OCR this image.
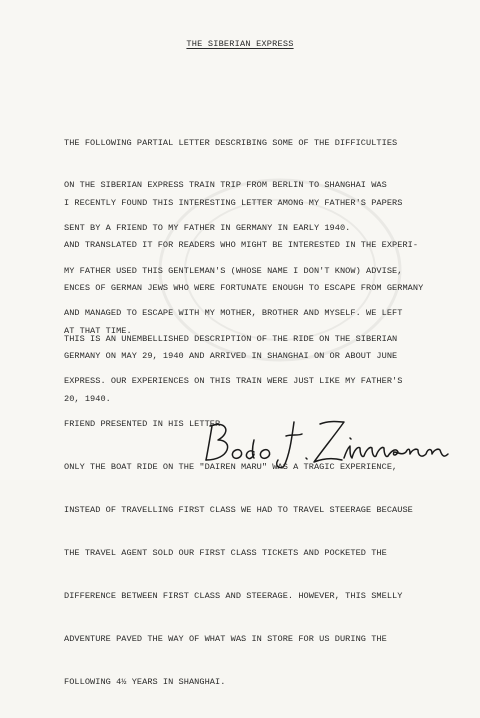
THE SIBERIAN EXPRESS

THE FOLLOWING PARTIAL LETTER DESCRIBING SOME OF THE DIFFICULTIES

ON THE SIBERIAN EXPRESS TRAIN TRIP FROM BERLIN TO SHANGHAI WAS

SENT BY A FRIEND TO MY FATHER IN GERMANY IN EARLY 1940.

I RECENTLY FOUND THIS INTERESTING LETTER AMONG MY FATHER'S PAPERS

AND TRANSLATED IT FOR READERS WHO MIGHT BE INTERESTED IN THE EXPERI-

ENCES OF GERMAN JEWS WHO WERE FORTUNATE ENOUGH TO ESCAPE FROM GERMANY

AT THAT TIME.

MY FATHER USED THIS GENTLEMAN'S (WHOSE NAME I DON'T KNOW) ADVISE,

AND MANAGED TO ESCAPE WITH MY MOTHER, BROTHER AND MYSELF. WE LEFT

GERMANY ON MAY 29, 1940 AND ARRIVED IN SHANGHAI ON OR ABOUT JUNE

20, 1940.

THIS IS AN UNEMBELLISHED DESCRIPTION OF THE RIDE ON THE SIBERIAN

EXPRESS. OUR EXPERIENCES ON THIS TRAIN WERE JUST LIKE MY FATHER'S

FRIEND PRESENTED IN HIS LETTER.

ONLY THE BOAT RIDE ON THE "DAIREN MARU" WAS A TRAGIC EXPERIENCE,

INSTEAD OF TRAVELLING FIRST CLASS WE HAD TO TRAVEL STEERAGE BECAUSE

THE TRAVEL AGENT SOLD OUR FIRST CLASS TICKETS AND POCKETED THE

DIFFERENCE BETWEEN FIRST CLASS AND STEERAGE. HOWEVER, THIS SMELLY

ADVENTURE PAVED THE WAY OF WHAT WAS IN STORE FOR US DURING THE

FOLLOWING 4½ YEARS IN SHANGHAI.
